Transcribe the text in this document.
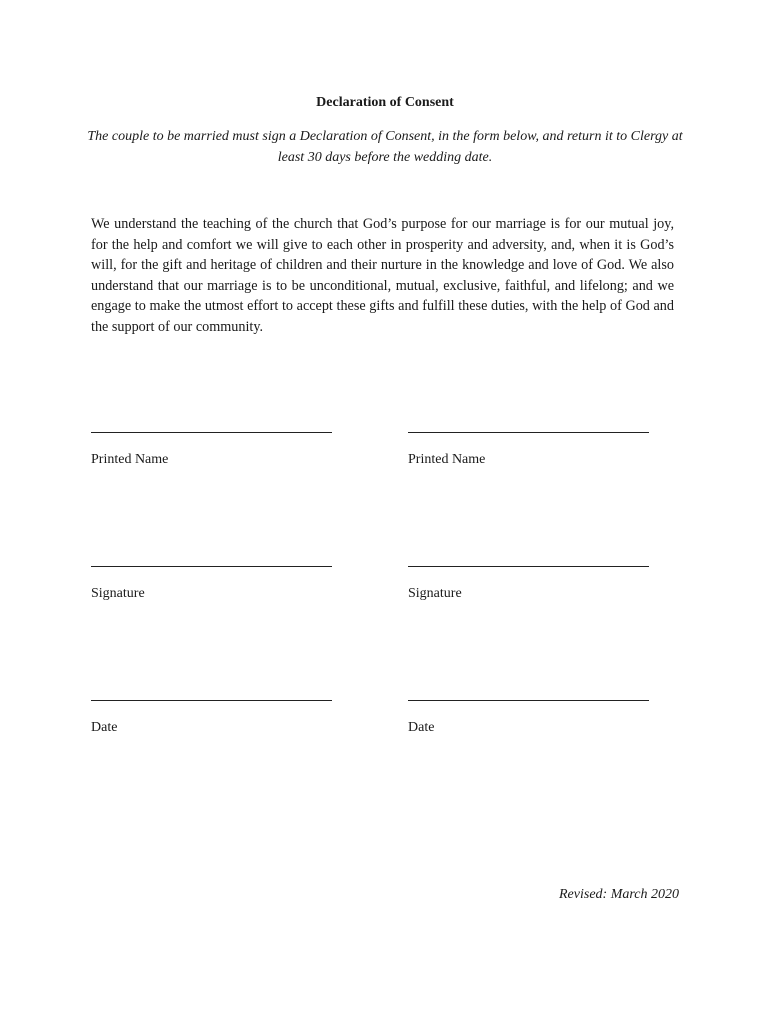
Declaration of Consent
The couple to be married must sign a Declaration of Consent, in the form below, and return it to Clergy at least 30 days before the wedding date.

We understand the teaching of the church that God’s purpose for our marriage is for our mutual joy, for the help and comfort we will give to each other in prosperity and adversity, and, when it is God’s will, for the gift and heritage of children and their nurture in the knowledge and love of God. We also understand that our marriage is to be unconditional, mutual, exclusive, faithful, and lifelong; and we engage to make the utmost effort to accept these gifts and fulfill these duties, with the help of God and the support of our community.

Printed Name	Printed Name
Signature	Signature
Date	Date
Revised: March 2020
